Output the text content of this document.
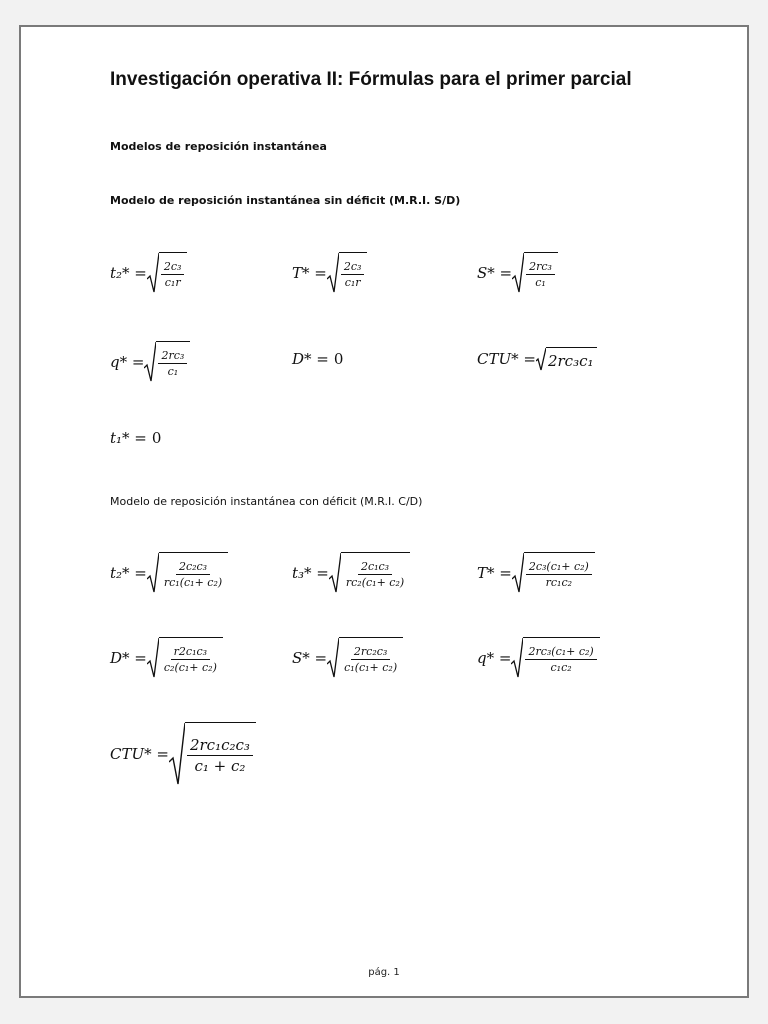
Investigación operativa II: Fórmulas para el primer parcial
Modelos de reposición instantánea
Modelo de reposición instantánea sin déficit (M.R.I. S/D)
$t_2* = \frac{\text{2c₃}}{\text{c₁r}}$	$T* = \frac{\text{2c₃}}{\text{c₁r}}$	$S* = \frac{\text{2rc₃}}{\text{c₁}}$
$q* = \frac{\text{2rc₃}}{\text{c₁}}$	D* = 0	CTU* = 2rc₃c₁
t₁* = 0
Modelo de reposición instantánea con déficit (M.R.I. C/D)
$t_2* = \frac{\text{2c₂c₃}}{\text{rc₁(c₁+ c₂)}}$	$t_3* = \frac{\text{2c₁c₃}}{\text{rc₂(c₁+ c₂)}}$	$T* = \frac{\text{2c₃(c₁+ c₂)}}{\text{rc₁c₂}}$
$D* = \frac{\text{r2c₁c₃}}{\text{c₂(c₁+ c₂)}}$	$S* = \frac{\text{2rc₂c₃}}{\text{c₁(c₁+ c₂)}}$	$q* = \frac{\text{2rc₃(c₁+ c₂)}}{\text{c₁c₂}}$
$CTU* = \frac{\text{2rc₁c₂c₃}}{\text{c₁ + c₂}}$
pág. 1
